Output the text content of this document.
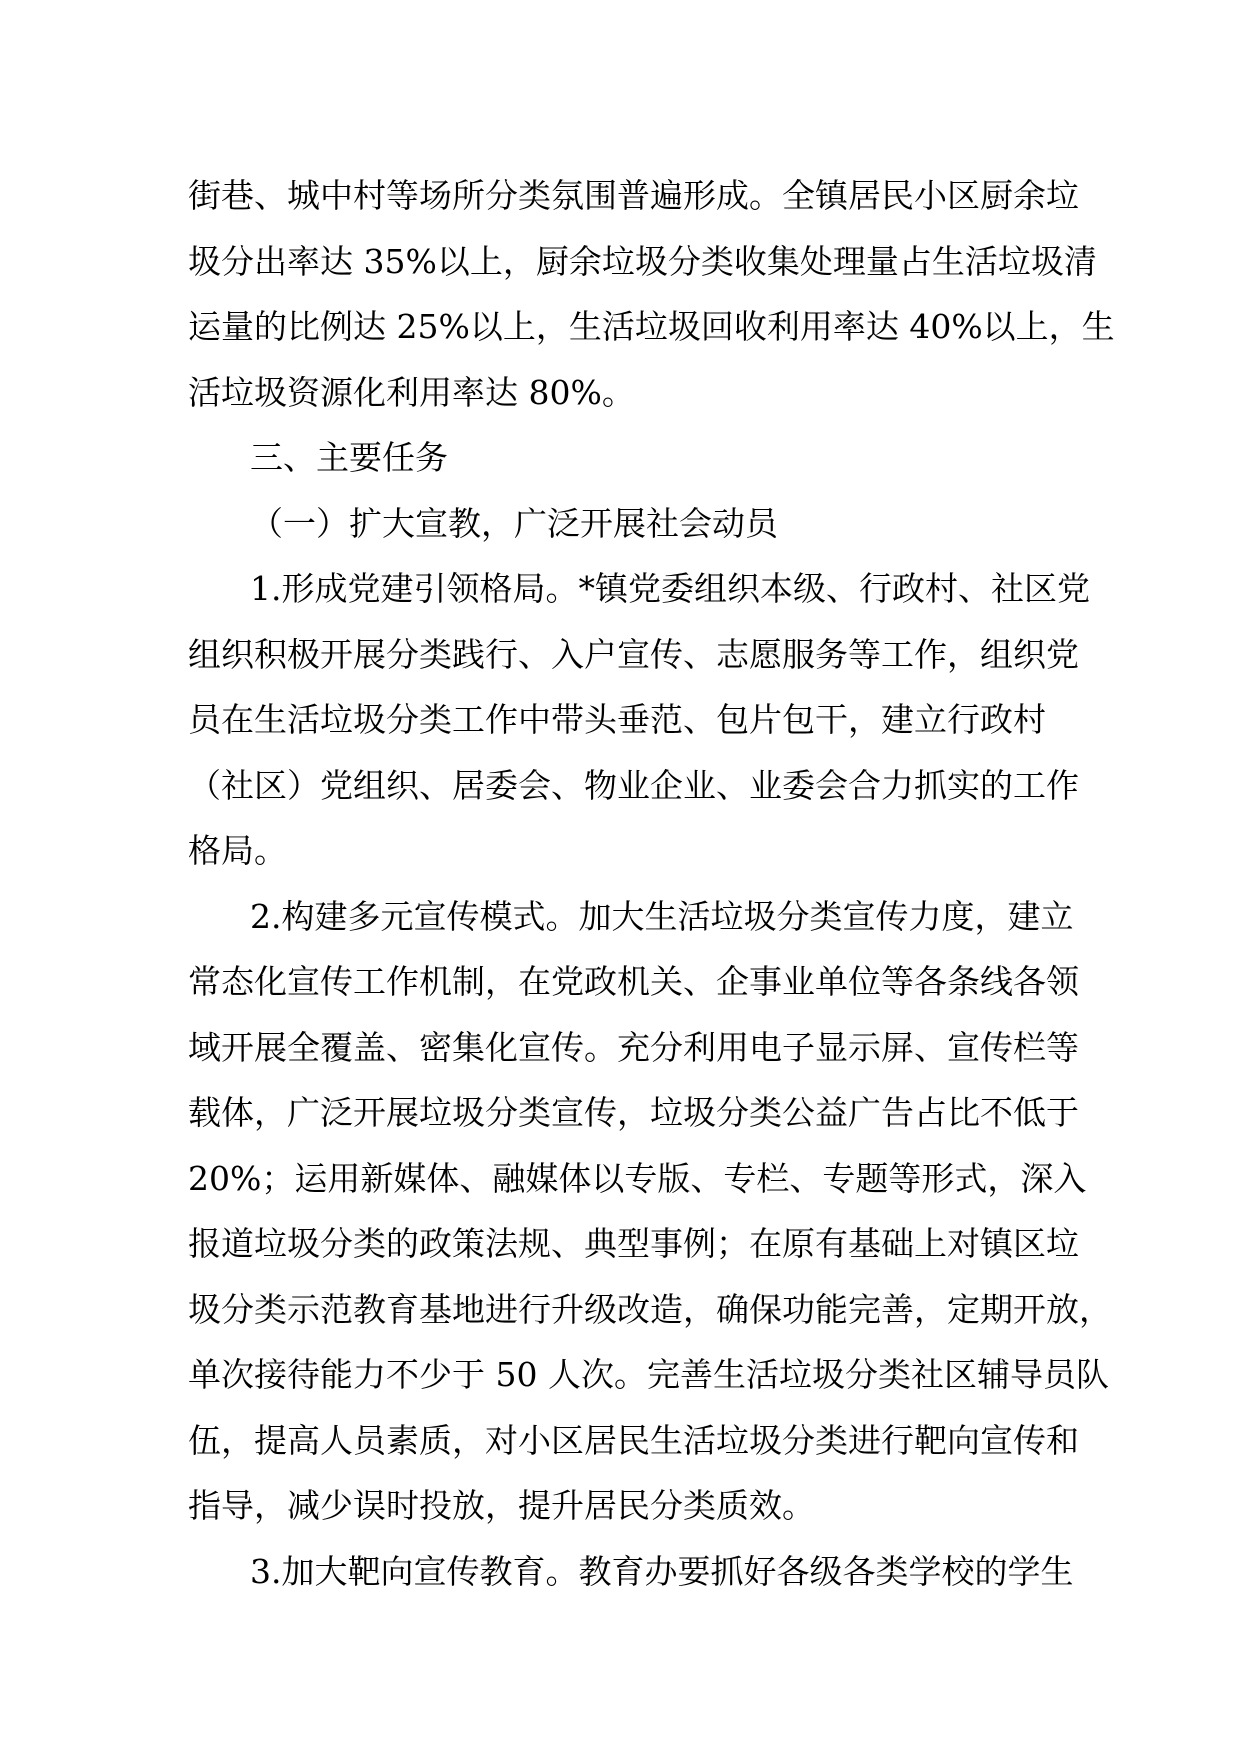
街巷、城中村等场所分类氛围普遍形成。全镇居民小区厨余垃
圾分出率达 35%以上，厨余垃圾分类收集处理量占生活垃圾清
运量的比例达 25%以上，生活垃圾回收利用率达 40%以上，生
活垃圾资源化利用率达 80%。
三、主要任务
（一）扩大宣教，广泛开展社会动员
1.形成党建引领格局。*镇党委组织本级、行政村、社区党
组织积极开展分类践行、入户宣传、志愿服务等工作，组织党
员在生活垃圾分类工作中带头垂范、包片包干，建立行政村
（社区）党组织、居委会、物业企业、业委会合力抓实的工作
格局。
2.构建多元宣传模式。加大生活垃圾分类宣传力度，建立
常态化宣传工作机制，在党政机关、企事业单位等各条线各领
域开展全覆盖、密集化宣传。充分利用电子显示屏、宣传栏等
载体，广泛开展垃圾分类宣传，垃圾分类公益广告占比不低于
20%；运用新媒体、融媒体以专版、专栏、专题等形式，深入
报道垃圾分类的政策法规、典型事例；在原有基础上对镇区垃
圾分类示范教育基地进行升级改造，确保功能完善，定期开放，
单次接待能力不少于 50 人次。完善生活垃圾分类社区辅导员队
伍，提高人员素质，对小区居民生活垃圾分类进行靶向宣传和
指导，减少误时投放，提升居民分类质效。
3.加大靶向宣传教育。教育办要抓好各级各类学校的学生
